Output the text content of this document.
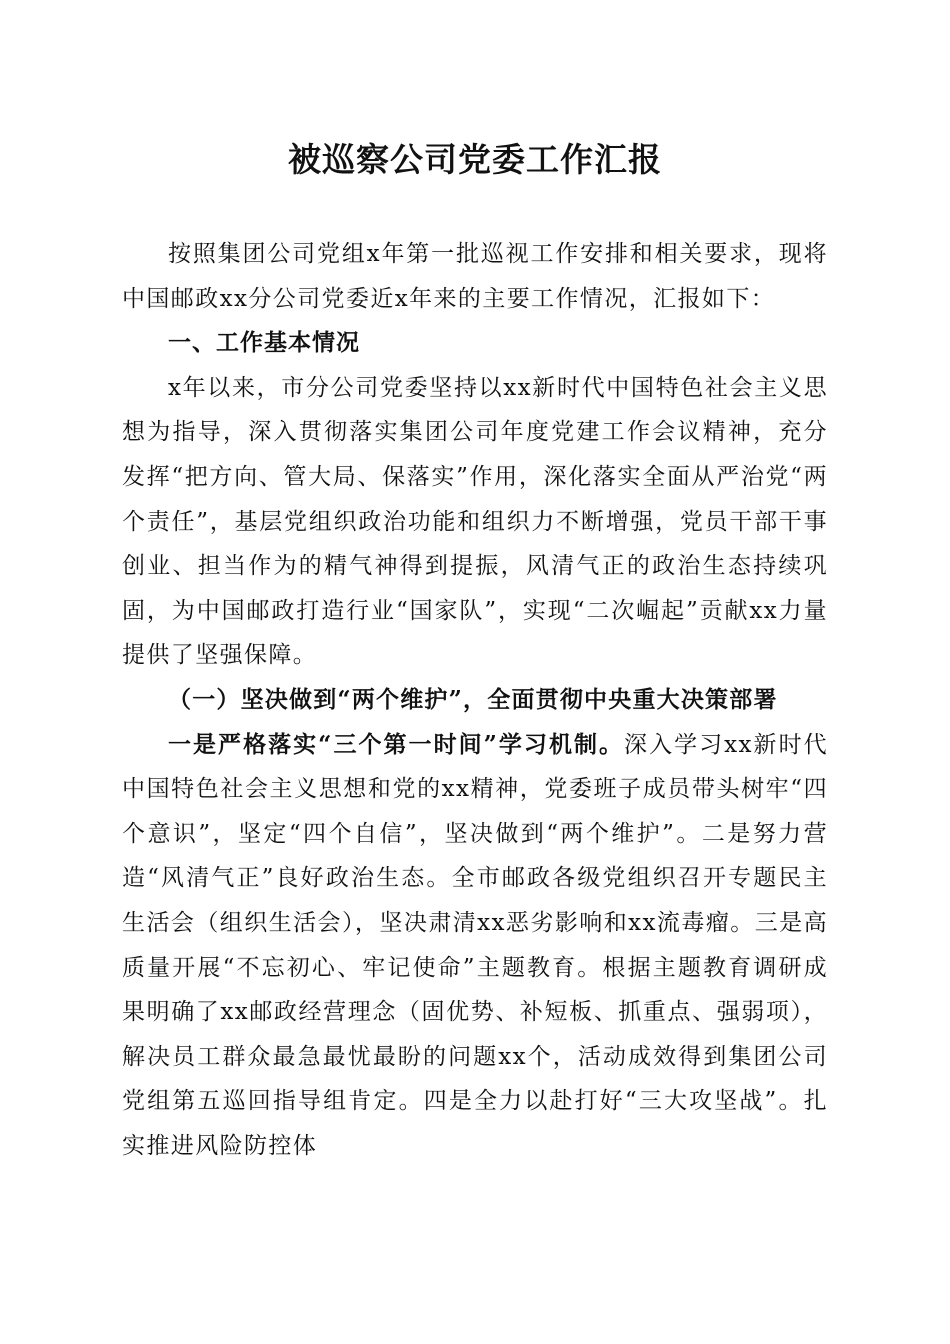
被巡察公司党委工作汇报

按照集团公司党组x年第一批巡视工作安排和相关要求，现将中国邮政xx分公司党委近x年来的主要工作情况，汇报如下：

一、工作基本情况

x年以来，市分公司党委坚持以xx新时代中国特色社会主义思想为指导，深入贯彻落实集团公司年度党建工作会议精神，充分发挥“把方向、管大局、保落实”作用，深化落实全面从严治党“两个责任”，基层党组织政治功能和组织力不断增强，党员干部干事创业、担当作为的精气神得到提振，风清气正的政治生态持续巩固，为中国邮政打造行业“国家队”，实现“二次崛起”贡献xx力量提供了坚强保障。

（一）坚决做到“两个维护”，全面贯彻中央重大决策部署

一是严格落实“三个第一时间”学习机制。深入学习xx新时代中国特色社会主义思想和党的xx精神，党委班子成员带头树牢“四个意识”，坚定“四个自信”，坚决做到“两个维护”。二是努力营造“风清气正”良好政治生态。全市邮政各级党组织召开专题民主生活会（组织生活会），坚决肃清xx恶劣影响和xx流毒瘤。三是高质量开展“不忘初心、牢记使命”主题教育。根据主题教育调研成果明确了xx邮政经营理念（固优势、补短板、抓重点、强弱项），解决员工群众最急最忧最盼的问题xx个，活动成效得到集团公司党组第五巡回指导组肯定。四是全力以赴打好“三大攻坚战”。扎实推进风险防控体
